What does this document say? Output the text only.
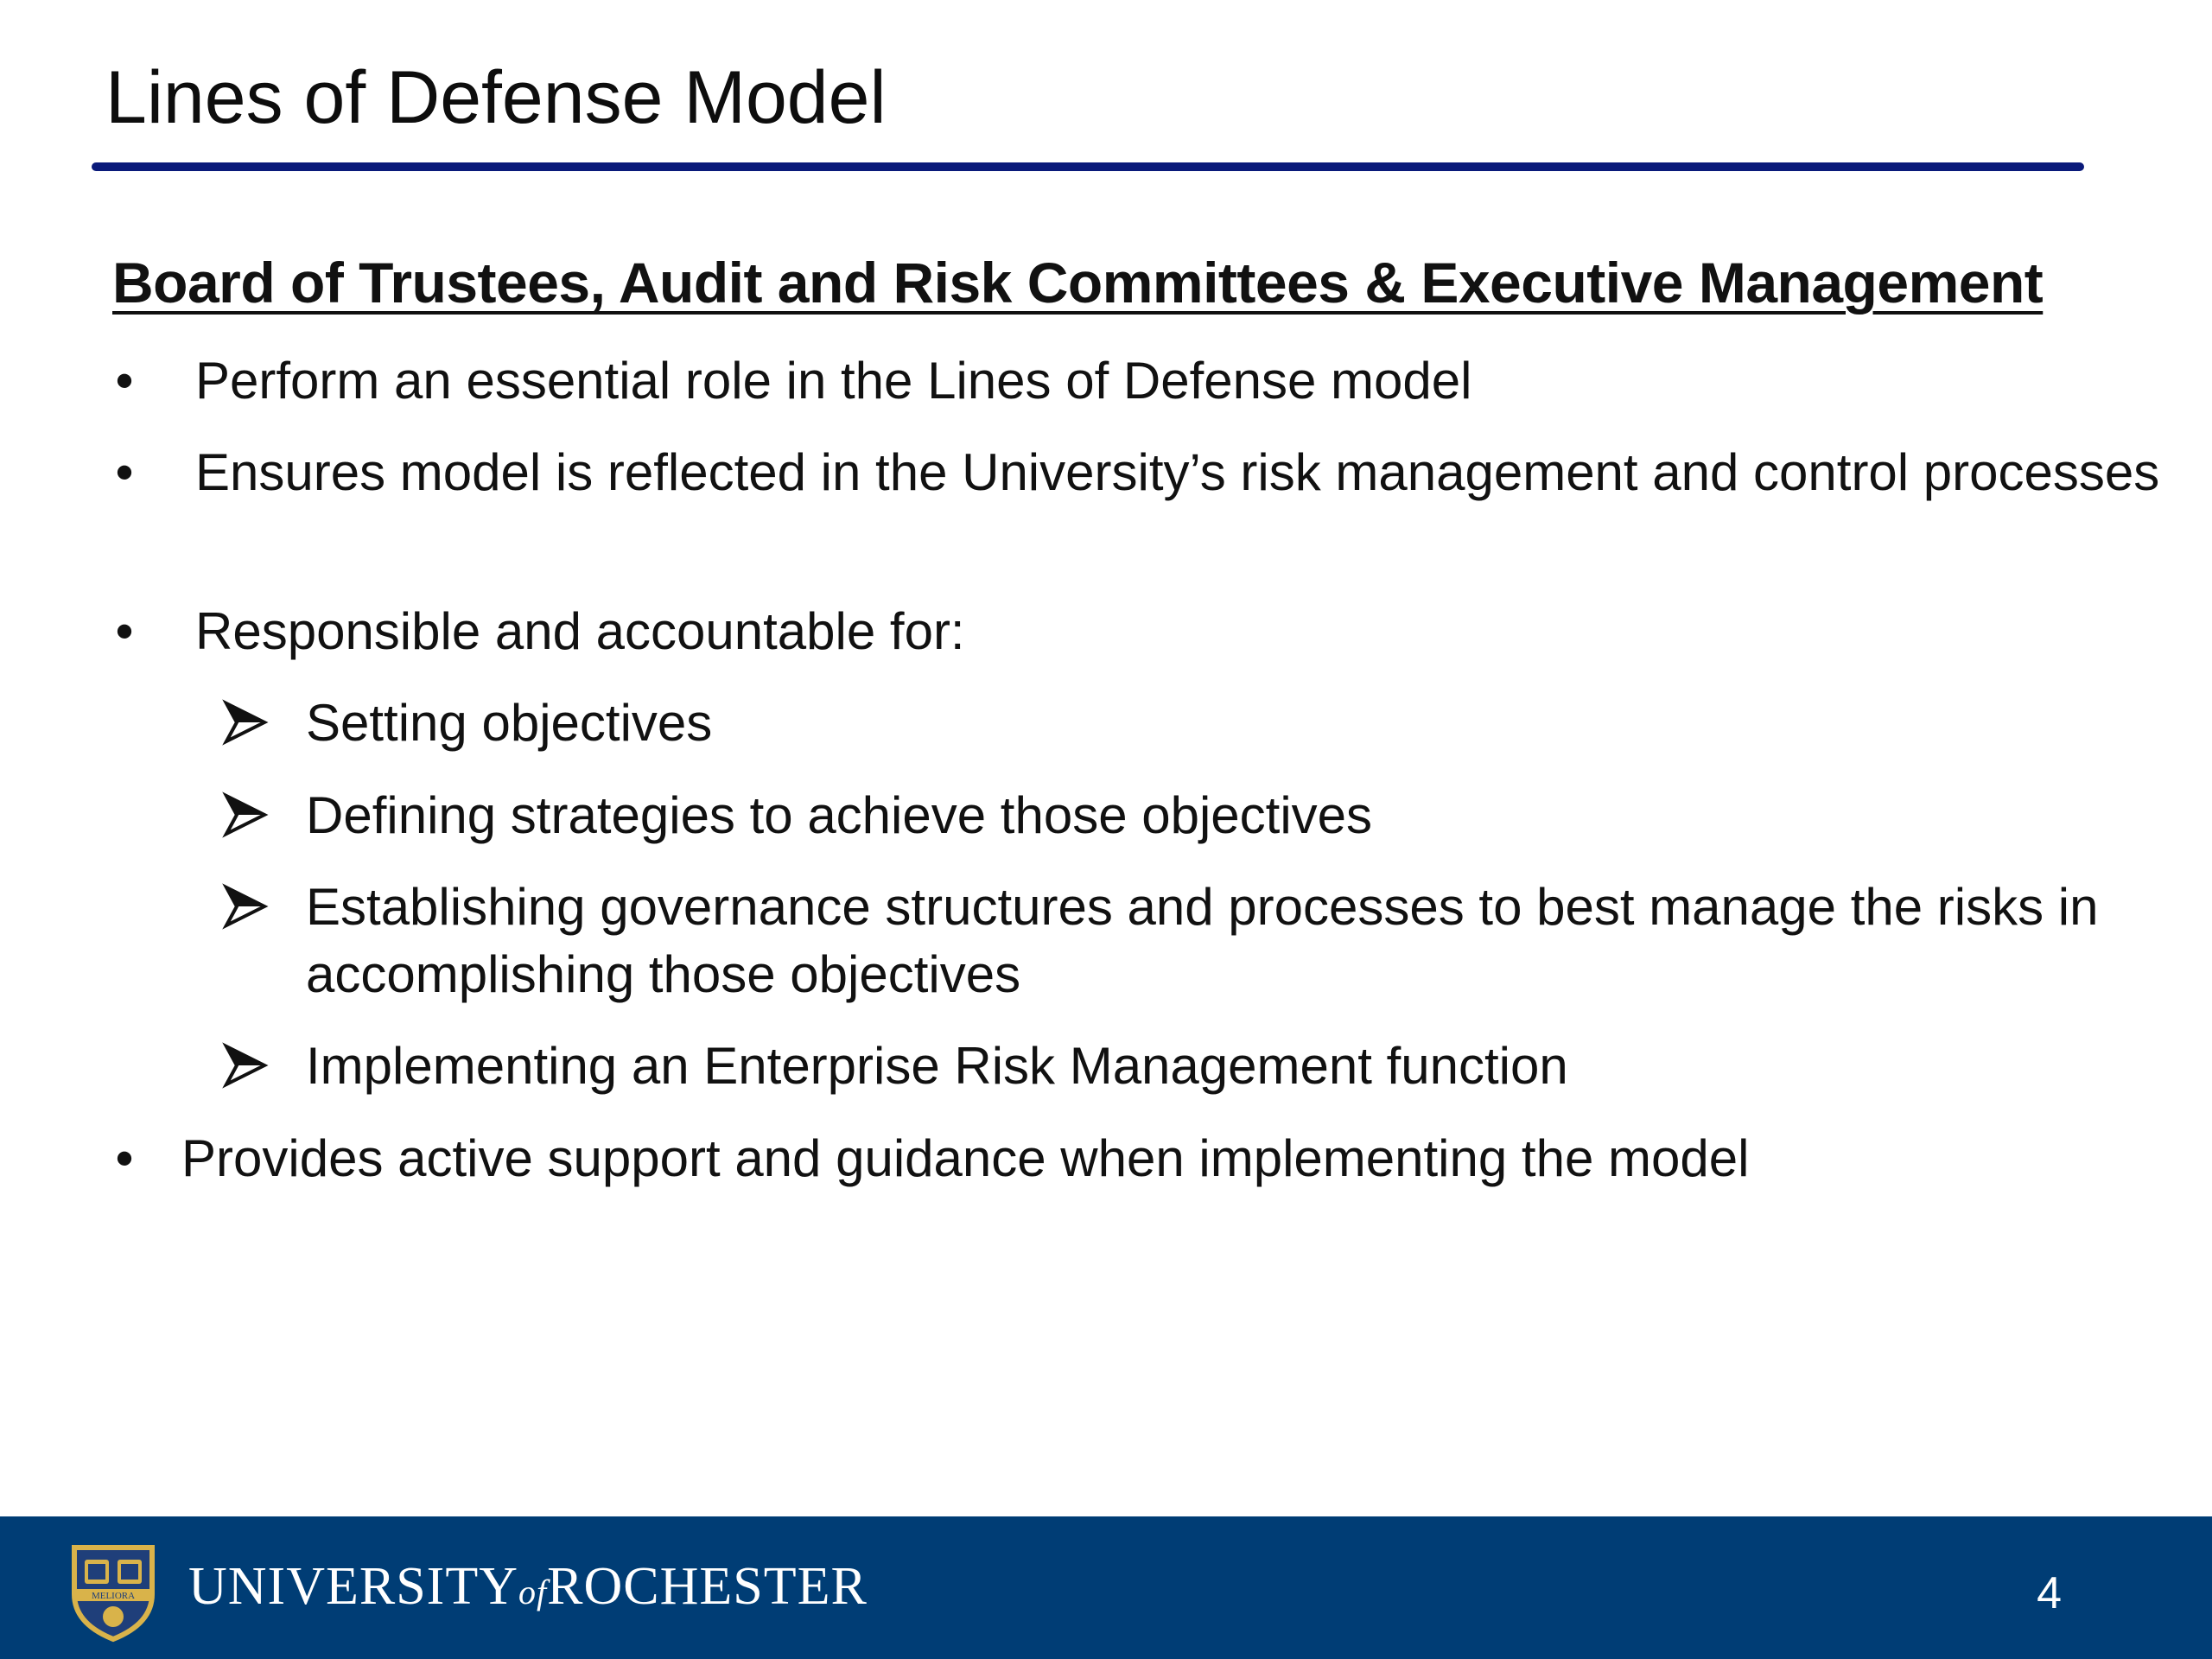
Lines of Defense Model
Board of Trustees, Audit and Risk Committees & Executive Management
• Perform an essential role in the Lines of Defense model
• Ensures model is reflected in the University’s risk management and control processes
• Responsible and accountable for:
Setting objectives
Defining strategies to achieve those objectives
Establishing governance structures and processes to best manage the risks in accomplishing those objectives
Implementing an Enterprise Risk Management function
• Provides active support and guidance when implementing the model
MELIORA UNIVERSITYofROCHESTER	4
